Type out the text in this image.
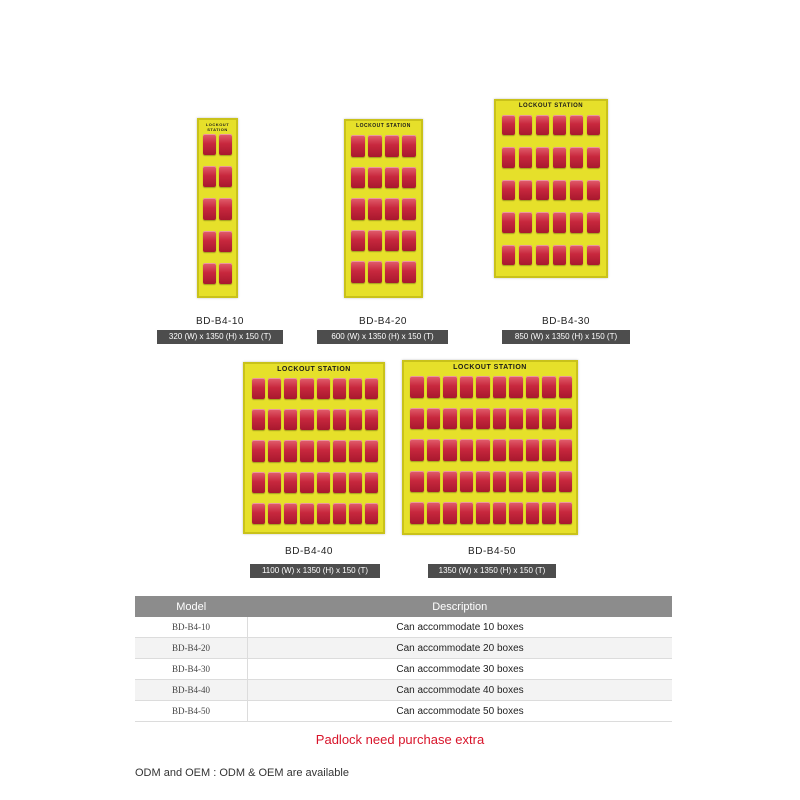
LOCKOUT STATION
BD-B4-10
320 (W) x 1350 (H) x 150 (T)
LOCKOUT STATION
BD-B4-20
600 (W) x 1350 (H) x 150 (T)
LOCKOUT STATION
BD-B4-30
850 (W) x 1350 (H) x 150 (T)
LOCKOUT STATION
BD-B4-40
1100 (W) x 1350 (H) x 150 (T)
LOCKOUT STATION
BD-B4-50
1350 (W) x 1350 (H) x 150 (T)
Model	Description
BD-B4-10	Can accommodate 10 boxes
BD-B4-20	Can accommodate 20 boxes
BD-B4-30	Can accommodate 30 boxes
BD-B4-40	Can accommodate 40 boxes
BD-B4-50	Can accommodate 50 boxes
Padlock need purchase extra
ODM and OEM : ODM & OEM are available
